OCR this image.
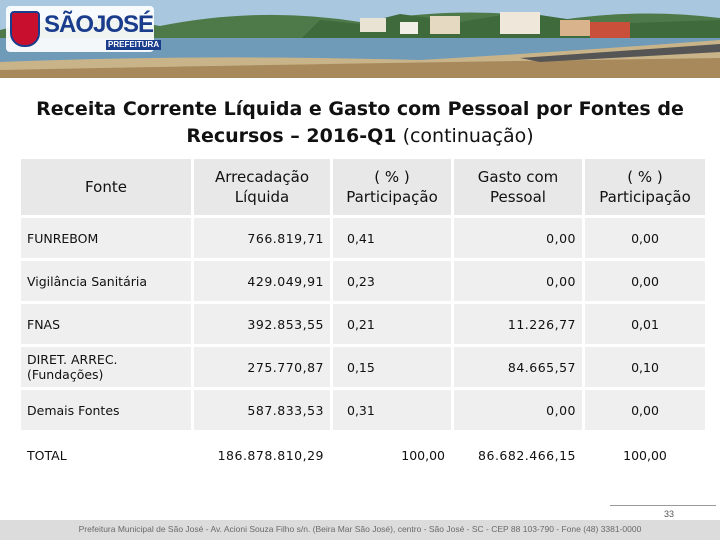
SÃOJOSÉ
PREFEITURA
Receita Corrente Líquida e Gasto com Pessoal por Fontes de Recursos – 2016-Q1 (continuação)
Fonte	Arrecadação Líquida	( % ) Participação	Gasto com Pessoal	( % ) Participação
FUNREBOM	766.819,71	0,41	0,00	0,00
Vigilância Sanitária	429.049,91	0,23	0,00	0,00
FNAS	392.853,55	0,21	11.226,77	0,01
DIRET. ARREC. (Fundações)	275.770,87	0,15	84.665,57	0,10
Demais Fontes	587.833,53	0,31	0,00	0,00
TOTAL	186.878.810,29	100,00	86.682.466,15	100,00
33
Prefeitura Municipal de São José - Av. Acioni Souza Filho s/n. (Beira Mar São José), centro - São José - SC - CEP 88 103-790 - Fone (48) 3381-0000
